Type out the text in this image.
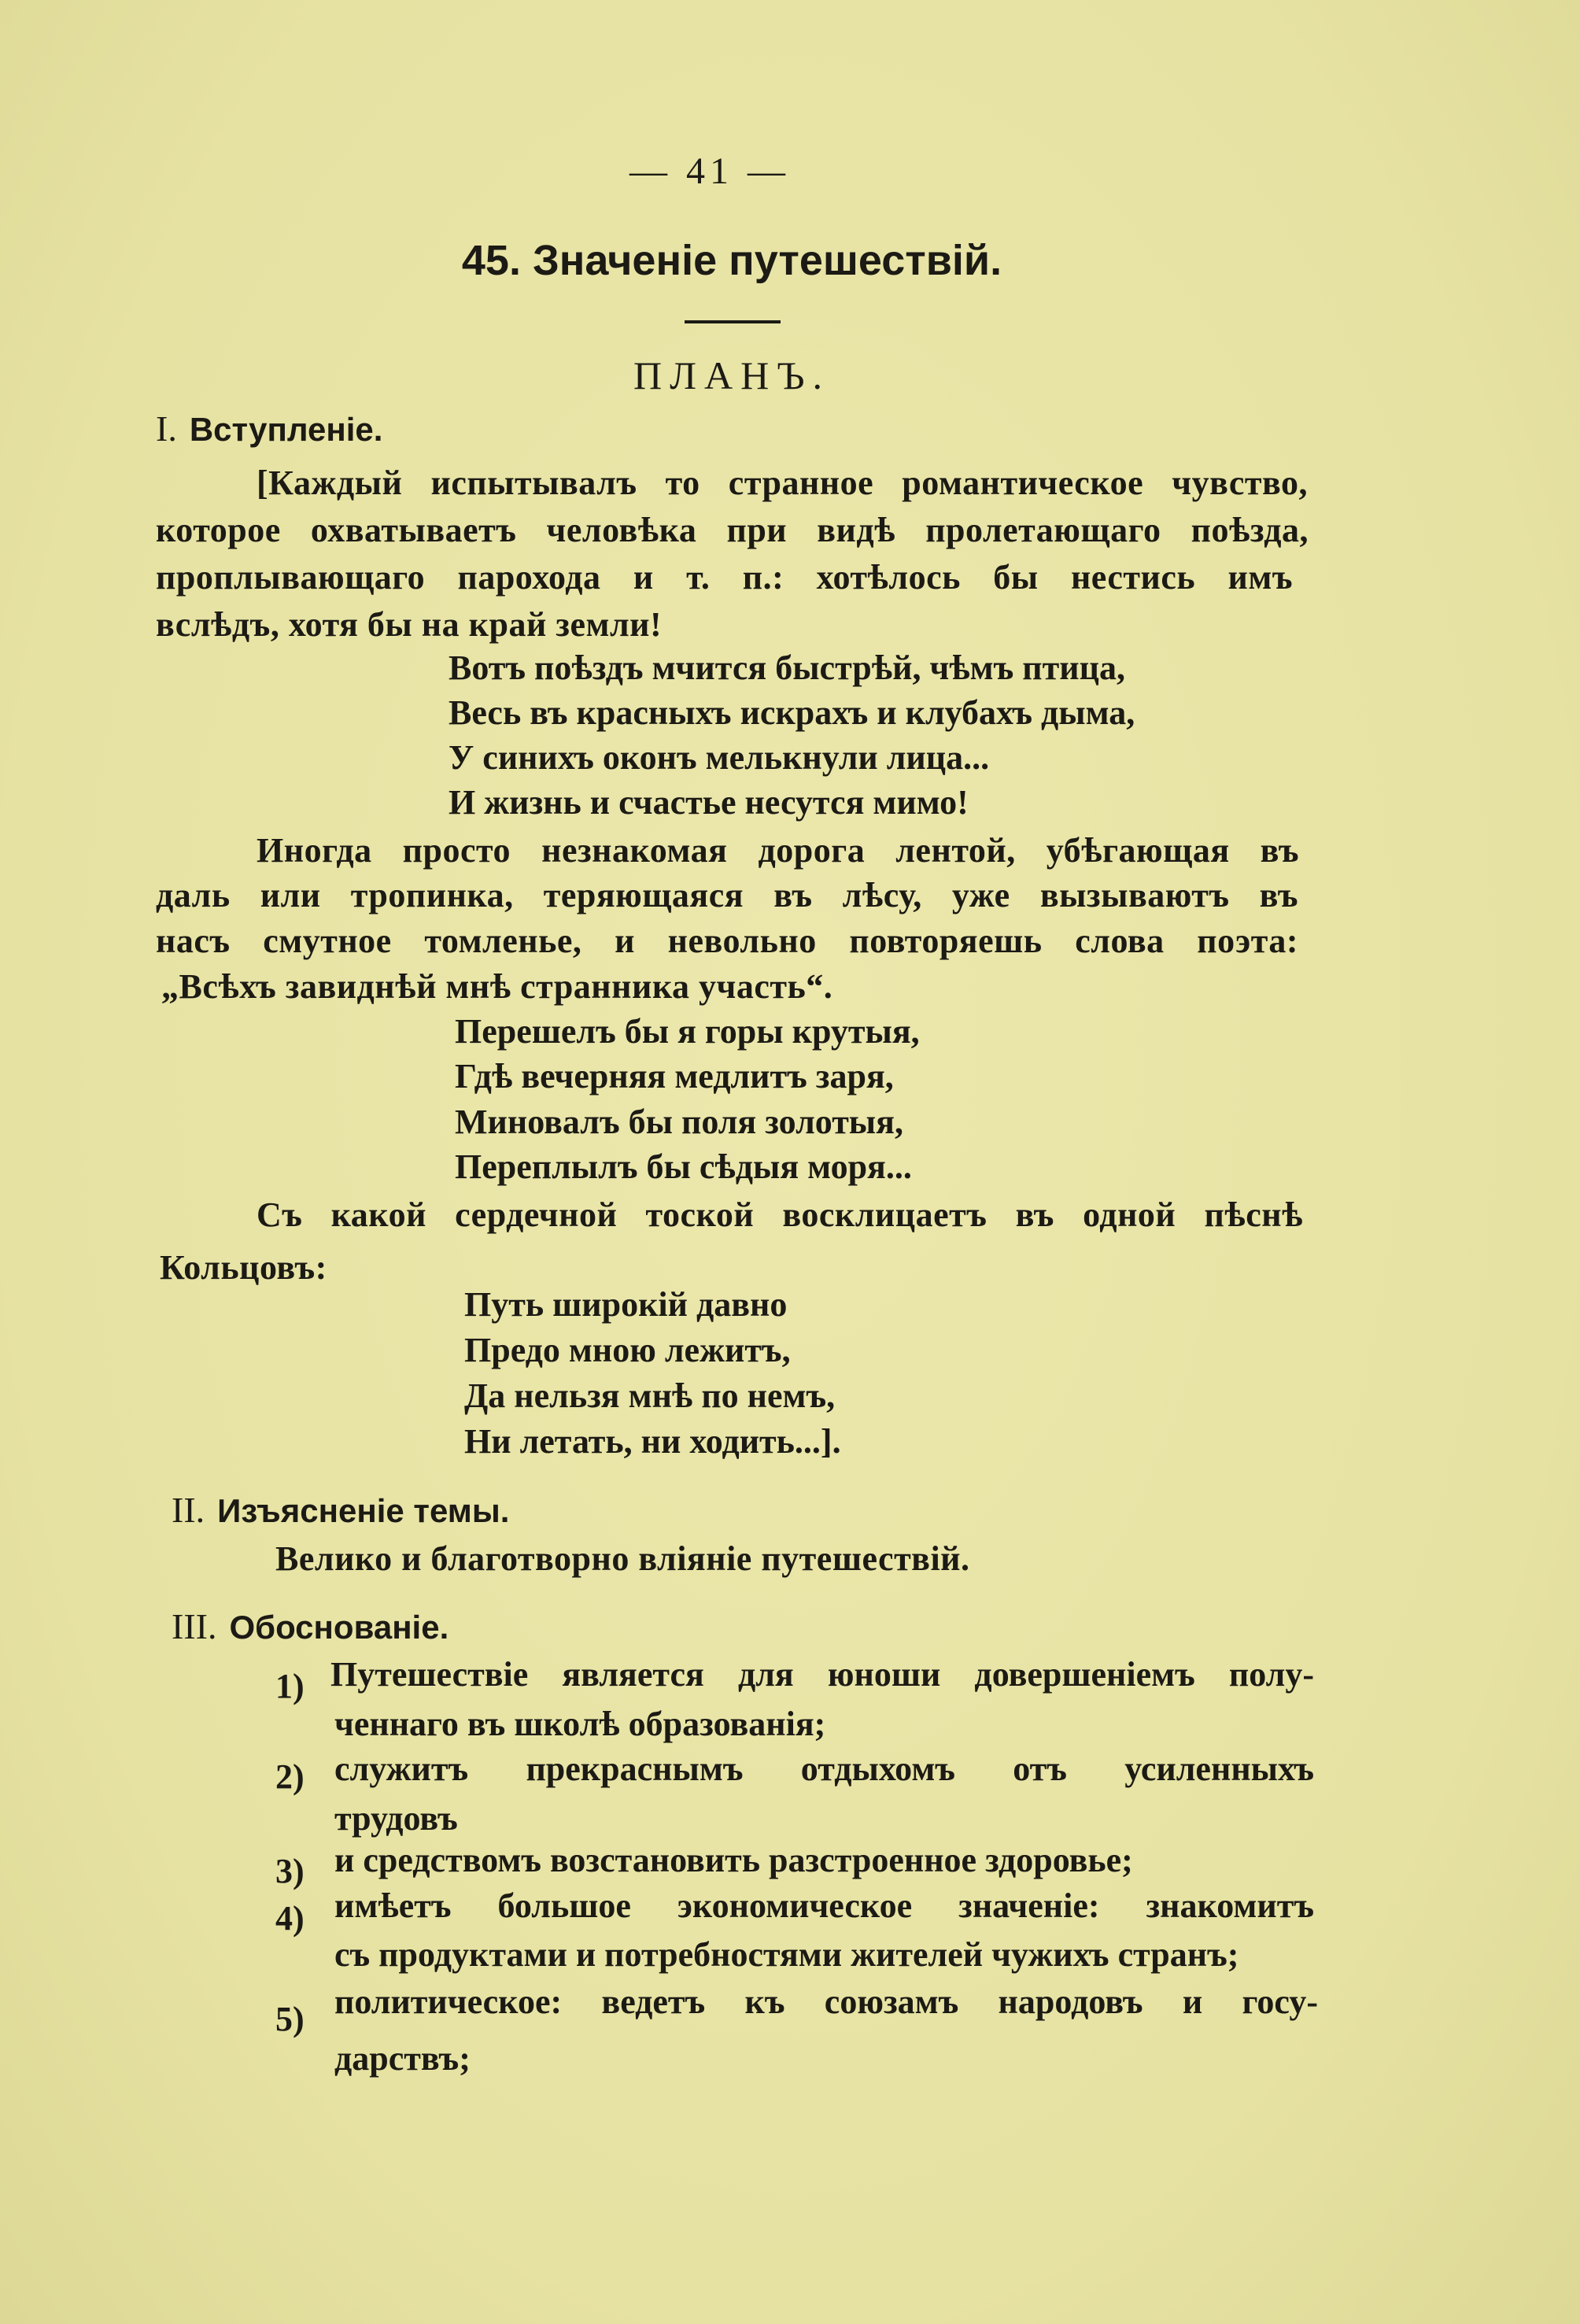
— 41 —
45. Значеніе путешествій.
ПЛАНЪ.
I. Вступленіе.
[Каждый испытывалъ то странное романтическое чувство,
которое охватываетъ человѣка при видѣ пролетающаго поѣзда,
проплывающаго парохода и т. п.: хотѣлось бы нестись имъ
вслѣдъ, хотя бы на край земли!
Вотъ поѣздъ мчится быстрѣй, чѣмъ птица,
Весь въ красныхъ искрахъ и клубахъ дыма,
У синихъ оконъ мелькнули лица...
И жизнь и счастье несутся мимо!
Иногда просто незнакомая дорога лентой, убѣгающая въ
даль или тропинка, теряющаяся въ лѣсу, уже вызываютъ въ
насъ смутное томленье, и невольно повторяешь слова поэта:
„Всѣхъ завиднѣй мнѣ странника участь“.
Перешелъ бы я горы крутыя,
Гдѣ вечерняя медлитъ заря,
Миновалъ бы поля золотыя,
Переплылъ бы сѣдыя моря...
Съ какой сердечной тоской восклицаетъ въ одной пѣснѣ
Кольцовъ:
Путь широкій давно
Предо мною лежитъ,
Да нельзя мнѣ по немъ,
Ни летать, ни ходить...].
II. Изъясненіе темы.
Велико и благотворно вліяніе путешествій.
III. Обоснованіе.
1) Путешествіе является для юноши довершеніемъ полу-
ченнаго въ школѣ образованія;
2) служитъ прекраснымъ отдыхомъ отъ усиленныхъ
трудовъ
3) и средствомъ возстановить разстроенное здоровье;
4) имѣетъ большое экономическое значеніе: знакомитъ
съ продуктами и потребностями жителей чужихъ странъ;
5) политическое: ведетъ къ союзамъ народовъ и госу-
дарствъ;
